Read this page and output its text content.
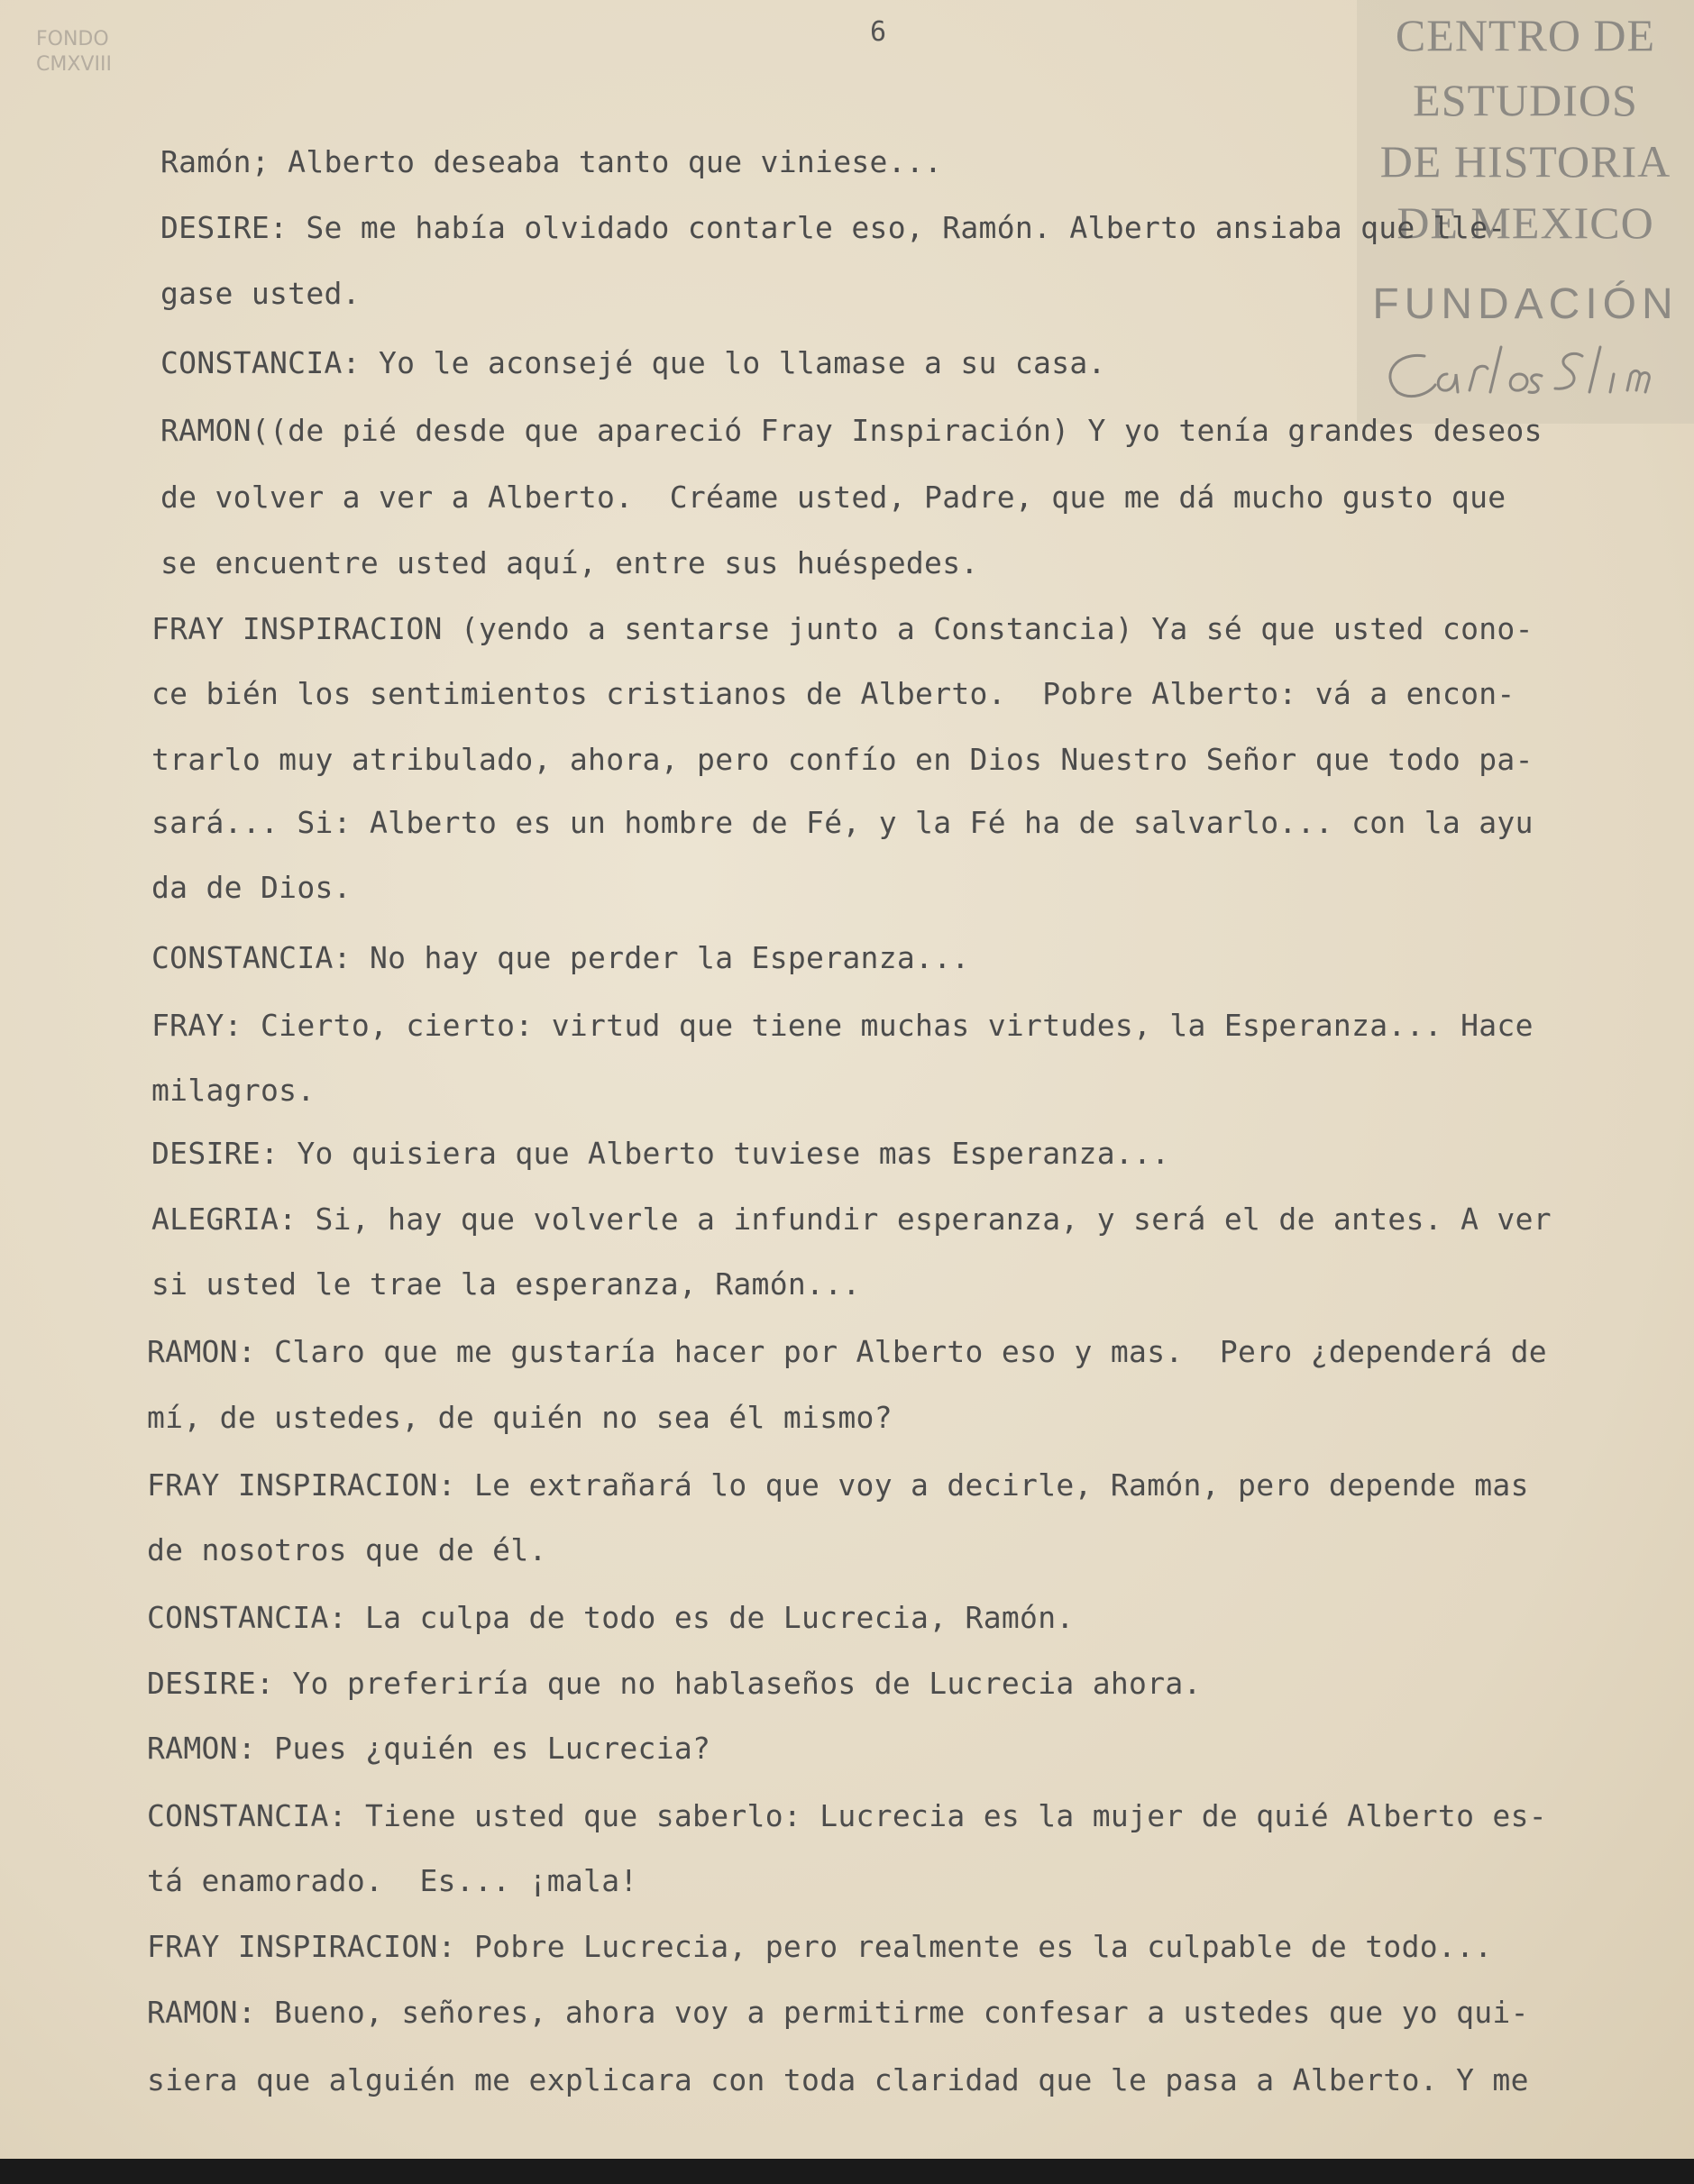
FONDO
CMXVIII
6	CENTRO DE
ESTUDIOS
DE HISTORIA
DE MEXICO
FUNDACIÓN
Ramón; Alberto deseaba tanto que viniese...
DESIRE: Se me había olvidado contarle eso, Ramón. Alberto ansiaba que lle-
gase usted.
CONSTANCIA: Yo le aconsejé que lo llamase a su casa.
RAMON((de pié desde que apareció Fray Inspiración) Y yo tenía grandes deseos
de volver a ver a Alberto.  Créame usted, Padre, que me dá mucho gusto que
se encuentre usted aquí, entre sus huéspedes.
FRAY INSPIRACION (yendo a sentarse junto a Constancia) Ya sé que usted cono-
ce bién los sentimientos cristianos de Alberto.  Pobre Alberto: vá a encon-
trarlo muy atribulado, ahora, pero confío en Dios Nuestro Señor que todo pa-
sará... Si: Alberto es un hombre de Fé, y la Fé ha de salvarlo... con la ayu
da de Dios.
CONSTANCIA: No hay que perder la Esperanza...
FRAY: Cierto, cierto: virtud que tiene muchas virtudes, la Esperanza... Hace
milagros.
DESIRE: Yo quisiera que Alberto tuviese mas Esperanza...
ALEGRIA: Si, hay que volverle a infundir esperanza, y será el de antes. A ver
si usted le trae la esperanza, Ramón...
RAMON: Claro que me gustaría hacer por Alberto eso y mas.  Pero ¿dependerá de
mí, de ustedes, de quién no sea él mismo?
FRAY INSPIRACION: Le extrañará lo que voy a decirle, Ramón, pero depende mas
de nosotros que de él.
CONSTANCIA: La culpa de todo es de Lucrecia, Ramón.
DESIRE: Yo preferiría que no hablaseños de Lucrecia ahora.
RAMON: Pues ¿quién es Lucrecia?
CONSTANCIA: Tiene usted que saberlo: Lucrecia es la mujer de quié Alberto es-
tá enamorado.  Es... ¡mala!
FRAY INSPIRACION: Pobre Lucrecia, pero realmente es la culpable de todo...
RAMON: Bueno, señores, ahora voy a permitirme confesar a ustedes que yo qui-
siera que alguién me explicara con toda claridad que le pasa a Alberto. Y me
